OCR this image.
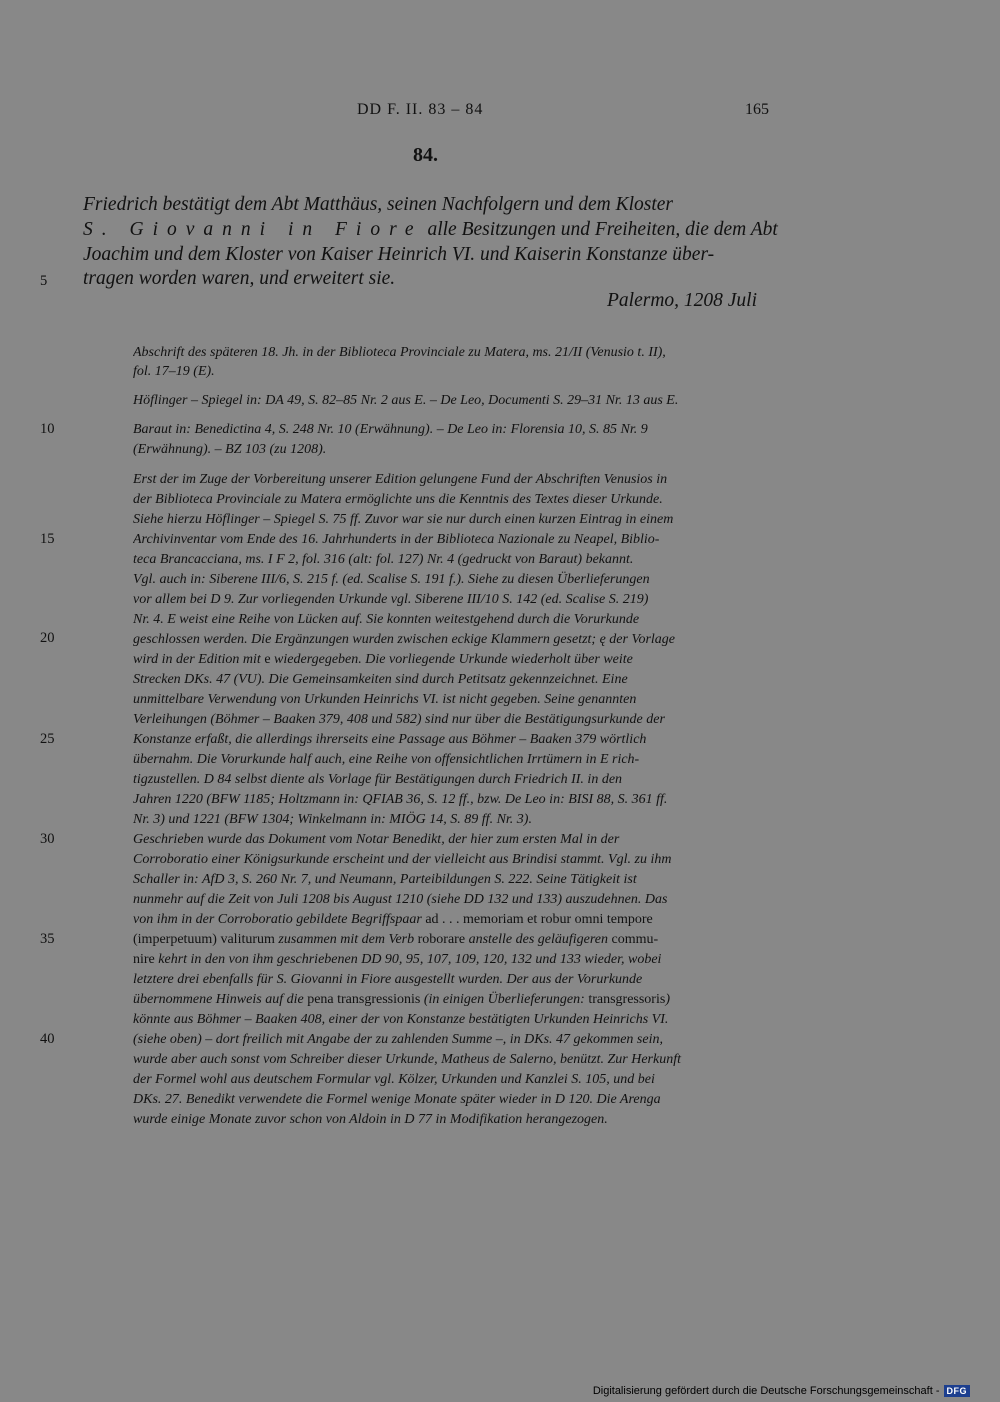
DD F. II. 83 – 84	165
84.
Friedrich bestätigt dem Abt Matthäus, seinen Nachfolgern und dem Kloster
S. Giovanni in Fiore alle Besitzungen und Freiheiten, die dem Abt
Joachim und dem Kloster von Kaiser Heinrich VI. und Kaiserin Konstanze über-
tragen worden waren, und erweitert sie.
Palermo, 1208 Juli
5
10
15
20
25
30
35
40
Abschrift des späteren 18. Jh. in der Biblioteca Provinciale zu Matera, ms. 21/II (Venusio t. II),
fol. 17–19 (E).
Höflinger – Spiegel in: DA 49, S. 82–85 Nr. 2 aus E. – De Leo, Documenti S. 29–31 Nr. 13 aus E.
Baraut in: Benedictina 4, S. 248 Nr. 10 (Erwähnung). – De Leo in: Florensia 10, S. 85 Nr. 9
(Erwähnung). – BZ 103 (zu 1208).
Erst der im Zuge der Vorbereitung unserer Edition gelungene Fund der Abschriften Venusios in
der Biblioteca Provinciale zu Matera ermöglichte uns die Kenntnis des Textes dieser Urkunde.
Siehe hierzu Höflinger – Spiegel S. 75 ff. Zuvor war sie nur durch einen kurzen Eintrag in einem
Archivinventar vom Ende des 16. Jahrhunderts in der Biblioteca Nazionale zu Neapel, Biblio-
teca Brancacciana, ms. I F 2, fol. 316 (alt: fol. 127) Nr. 4 (gedruckt von Baraut) bekannt.
Vgl. auch in: Siberene III/6, S. 215 f. (ed. Scalise S. 191 f.). Siehe zu diesen Überlieferungen
vor allem bei D 9. Zur vorliegenden Urkunde vgl. Siberene III/10 S. 142 (ed. Scalise S. 219)
Nr. 4. E weist eine Reihe von Lücken auf. Sie konnten weitestgehend durch die Vorurkunde
geschlossen werden. Die Ergänzungen wurden zwischen eckige Klammern gesetzt; ę der Vorlage
wird in der Edition mit e wiedergegeben. Die vorliegende Urkunde wiederholt über weite
Strecken DKs. 47 (VU). Die Gemeinsamkeiten sind durch Petitsatz gekennzeichnet. Eine
unmittelbare Verwendung von Urkunden Heinrichs VI. ist nicht gegeben. Seine genannten
Verleihungen (Böhmer – Baaken 379, 408 und 582) sind nur über die Bestätigungsurkunde der
Konstanze erfaßt, die allerdings ihrerseits eine Passage aus Böhmer – Baaken 379 wörtlich
übernahm. Die Vorurkunde half auch, eine Reihe von offensichtlichen Irrtümern in E rich-
tigzustellen. D 84 selbst diente als Vorlage für Bestätigungen durch Friedrich II. in den
Jahren 1220 (BFW 1185; Holtzmann in: QFIAB 36, S. 12 ff., bzw. De Leo in: BISI 88, S. 361 ff.
Nr. 3) und 1221 (BFW 1304; Winkelmann in: MIÖG 14, S. 89 ff. Nr. 3).
Geschrieben wurde das Dokument vom Notar Benedikt, der hier zum ersten Mal in der
Corroboratio einer Königsurkunde erscheint und der vielleicht aus Brindisi stammt. Vgl. zu ihm
Schaller in: AfD 3, S. 260 Nr. 7, und Neumann, Parteibildungen S. 222. Seine Tätigkeit ist
nunmehr auf die Zeit von Juli 1208 bis August 1210 (siehe DD 132 und 133) auszudehnen. Das
von ihm in der Corroboratio gebildete Begriffspaar ad . . . memoriam et robur omni tempore
(imperpetuum) valiturum zusammen mit dem Verb roborare anstelle des geläufigeren commu-
nire kehrt in den von ihm geschriebenen DD 90, 95, 107, 109, 120, 132 und 133 wieder, wobei
letztere drei ebenfalls für S. Giovanni in Fiore ausgestellt wurden. Der aus der Vorurkunde
übernommene Hinweis auf die pena transgressionis (in einigen Überlieferungen: transgressoris)
könnte aus Böhmer – Baaken 408, einer der von Konstanze bestätigten Urkunden Heinrichs VI.
(siehe oben) – dort freilich mit Angabe der zu zahlenden Summe –, in DKs. 47 gekommen sein,
wurde aber auch sonst vom Schreiber dieser Urkunde, Matheus de Salerno, benützt. Zur Herkunft
der Formel wohl aus deutschem Formular vgl. Kölzer, Urkunden und Kanzlei S. 105, und bei
DKs. 27. Benedikt verwendete die Formel wenige Monate später wieder in D 120. Die Arenga
wurde einige Monate zuvor schon von Aldoin in D 77 in Modifikation herangezogen.
Digitalisierung gefördert durch die Deutsche Forschungsgemeinschaft - DFG
